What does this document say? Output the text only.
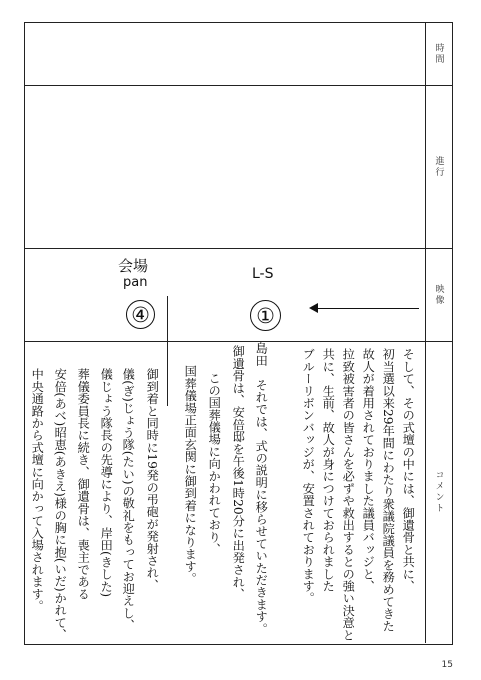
時間
進行
映像
コメント
会場
pan
L-S
④	①
そして、その式壇の中には、御遺骨と共に、
初当選以来29年間にわたり衆議院議員を務めてきた
故人が着用されておりました議員バッジと、
拉致被害者の皆さんを必ずや救出するとの強い決意と
共に、生前、故人が身につけておられました
ブルーリボンバッジが、安置されております。
島田　それでは、式の説明に移らせていただきます。
御遺骨は、安倍邸を午後1時20分に出発され、
この国葬儀場に向かわれており、
国葬儀場正面玄関に御到着になります。
御到着と同時に19発の弔砲が発射され、
儀(ぎ)じょう隊(たい)の敬礼をもってお迎えし、
儀じょう隊長の先導により、岸田(きした)
葬儀委員長に続き、御遺骨は、喪主である
安倍(あべ)昭恵(あきえ)様の胸に抱(いだ)かれて、
中央通路から式壇に向かって入場されます。
15
